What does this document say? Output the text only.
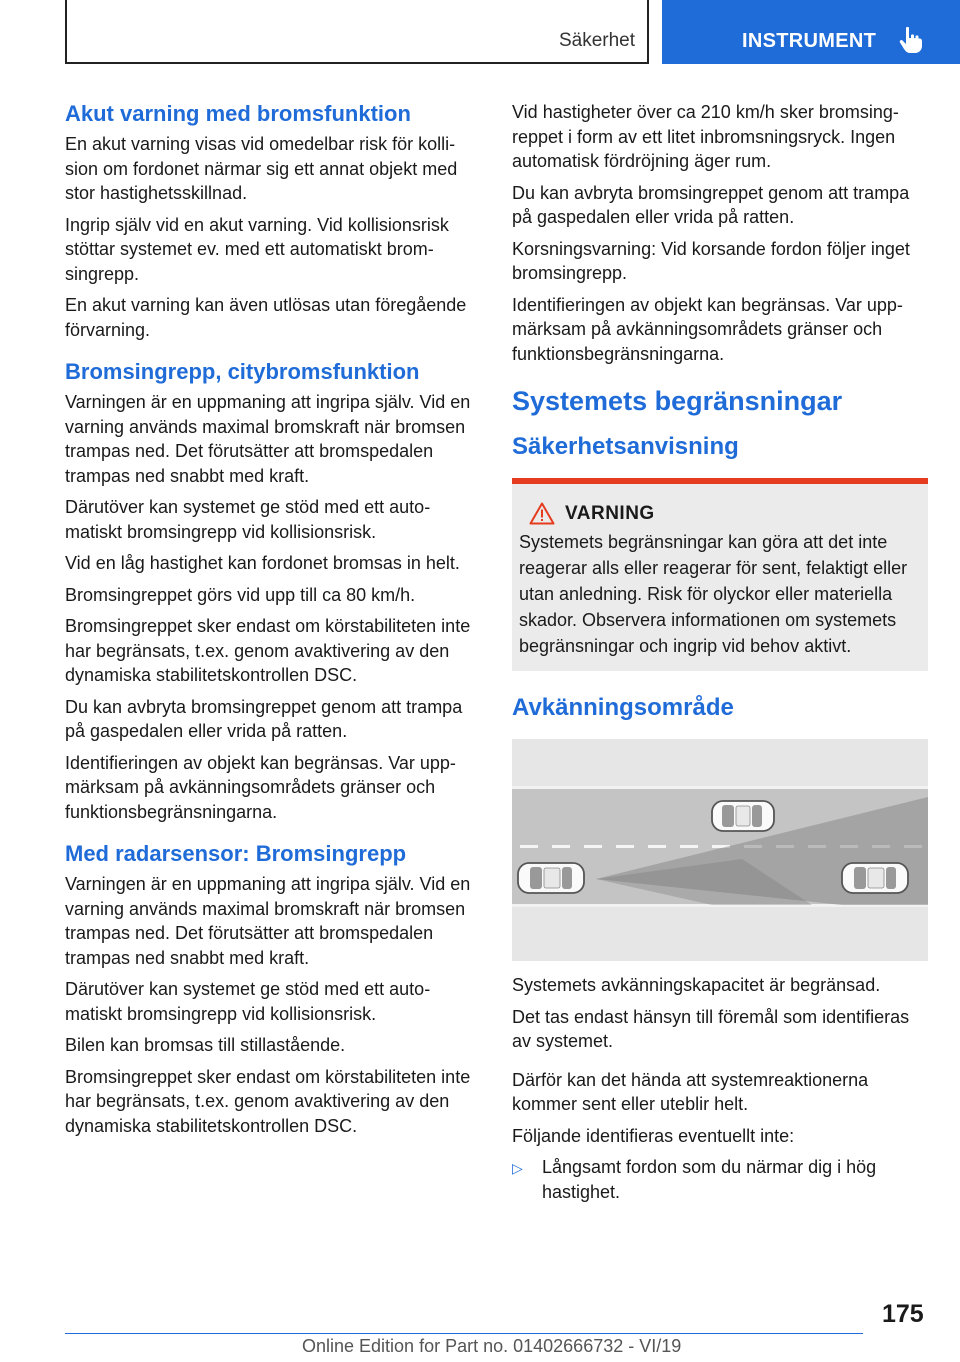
Säkerhet	INSTRUMENT
Akut varning med bromsfunktion

En akut varning visas vid omedelbar risk för kollision om fordonet närmar sig ett annat objekt med stor hastighetsskillnad.

Ingrip själv vid en akut varning. Vid kollisionsrisk stöttar systemet ev. med ett automatiskt bromsingrepp.

En akut varning kan även utlösas utan föregående förvarning.

Bromsingrepp, citybromsfunktion

Varningen är en uppmaning att ingripa själv. Vid en varning används maximal bromskraft när bromsen trampas ned. Det förutsätter att bromspedalen trampas ned snabbt med kraft.

Därutöver kan systemet ge stöd med ett automatiskt bromsingrepp vid kollisionsrisk.

Vid en låg hastighet kan fordonet bromsas in helt.

Bromsingreppet görs vid upp till ca 80 km/h.

Bromsingreppet sker endast om körstabiliteten inte har begränsats, t.ex. genom avaktivering av den dynamiska stabilitetskontrollen DSC.

Du kan avbryta bromsingreppet genom att trampa på gaspedalen eller vrida på ratten.

Identifieringen av objekt kan begränsas. Var uppmärksam på avkänningsområdets gränser och funktionsbegränsningarna.

Med radarsensor: Bromsingrepp

Varningen är en uppmaning att ingripa själv. Vid en varning används maximal bromskraft när bromsen trampas ned. Det förutsätter att bromspedalen trampas ned snabbt med kraft.

Därutöver kan systemet ge stöd med ett automatiskt bromsingrepp vid kollisionsrisk.

Bilen kan bromsas till stillastående.

Bromsingreppet sker endast om körstabiliteten inte har begränsats, t.ex. genom avaktivering av den dynamiska stabilitetskontrollen DSC.

Vid hastigheter över ca 210 km/h sker bromsingreppet i form av ett litet inbromsningsryck. Ingen automatisk fördröjning äger rum.

Du kan avbryta bromsingreppet genom att trampa på gaspedalen eller vrida på ratten.

Korsningsvarning: Vid korsande fordon följer inget bromsingrepp.

Identifieringen av objekt kan begränsas. Var uppmärksam på avkänningsområdets gränser och funktionsbegränsningarna.

Systemets begränsningar
Säkerhetsanvisning
VARNING
Systemets begränsningar kan göra att det inte reagerar alls eller reagerar för sent, felaktigt eller utan anledning. Risk för olyckor eller materiella skador. Observera informationen om systemets begränsningar och ingrip vid behov aktivt.
Avkänningsområde

Systemets avkänningskapacitet är begränsad.

Det tas endast hänsyn till föremål som identifieras av systemet.

Därför kan det hända att systemreaktionerna kommer sent eller uteblir helt.

Följande identifieras eventuellt inte:

▷	Långsamt fordon som du närmar dig i hög hastighet.
175
Online Edition for Part no. 01402666732 - VI/19
